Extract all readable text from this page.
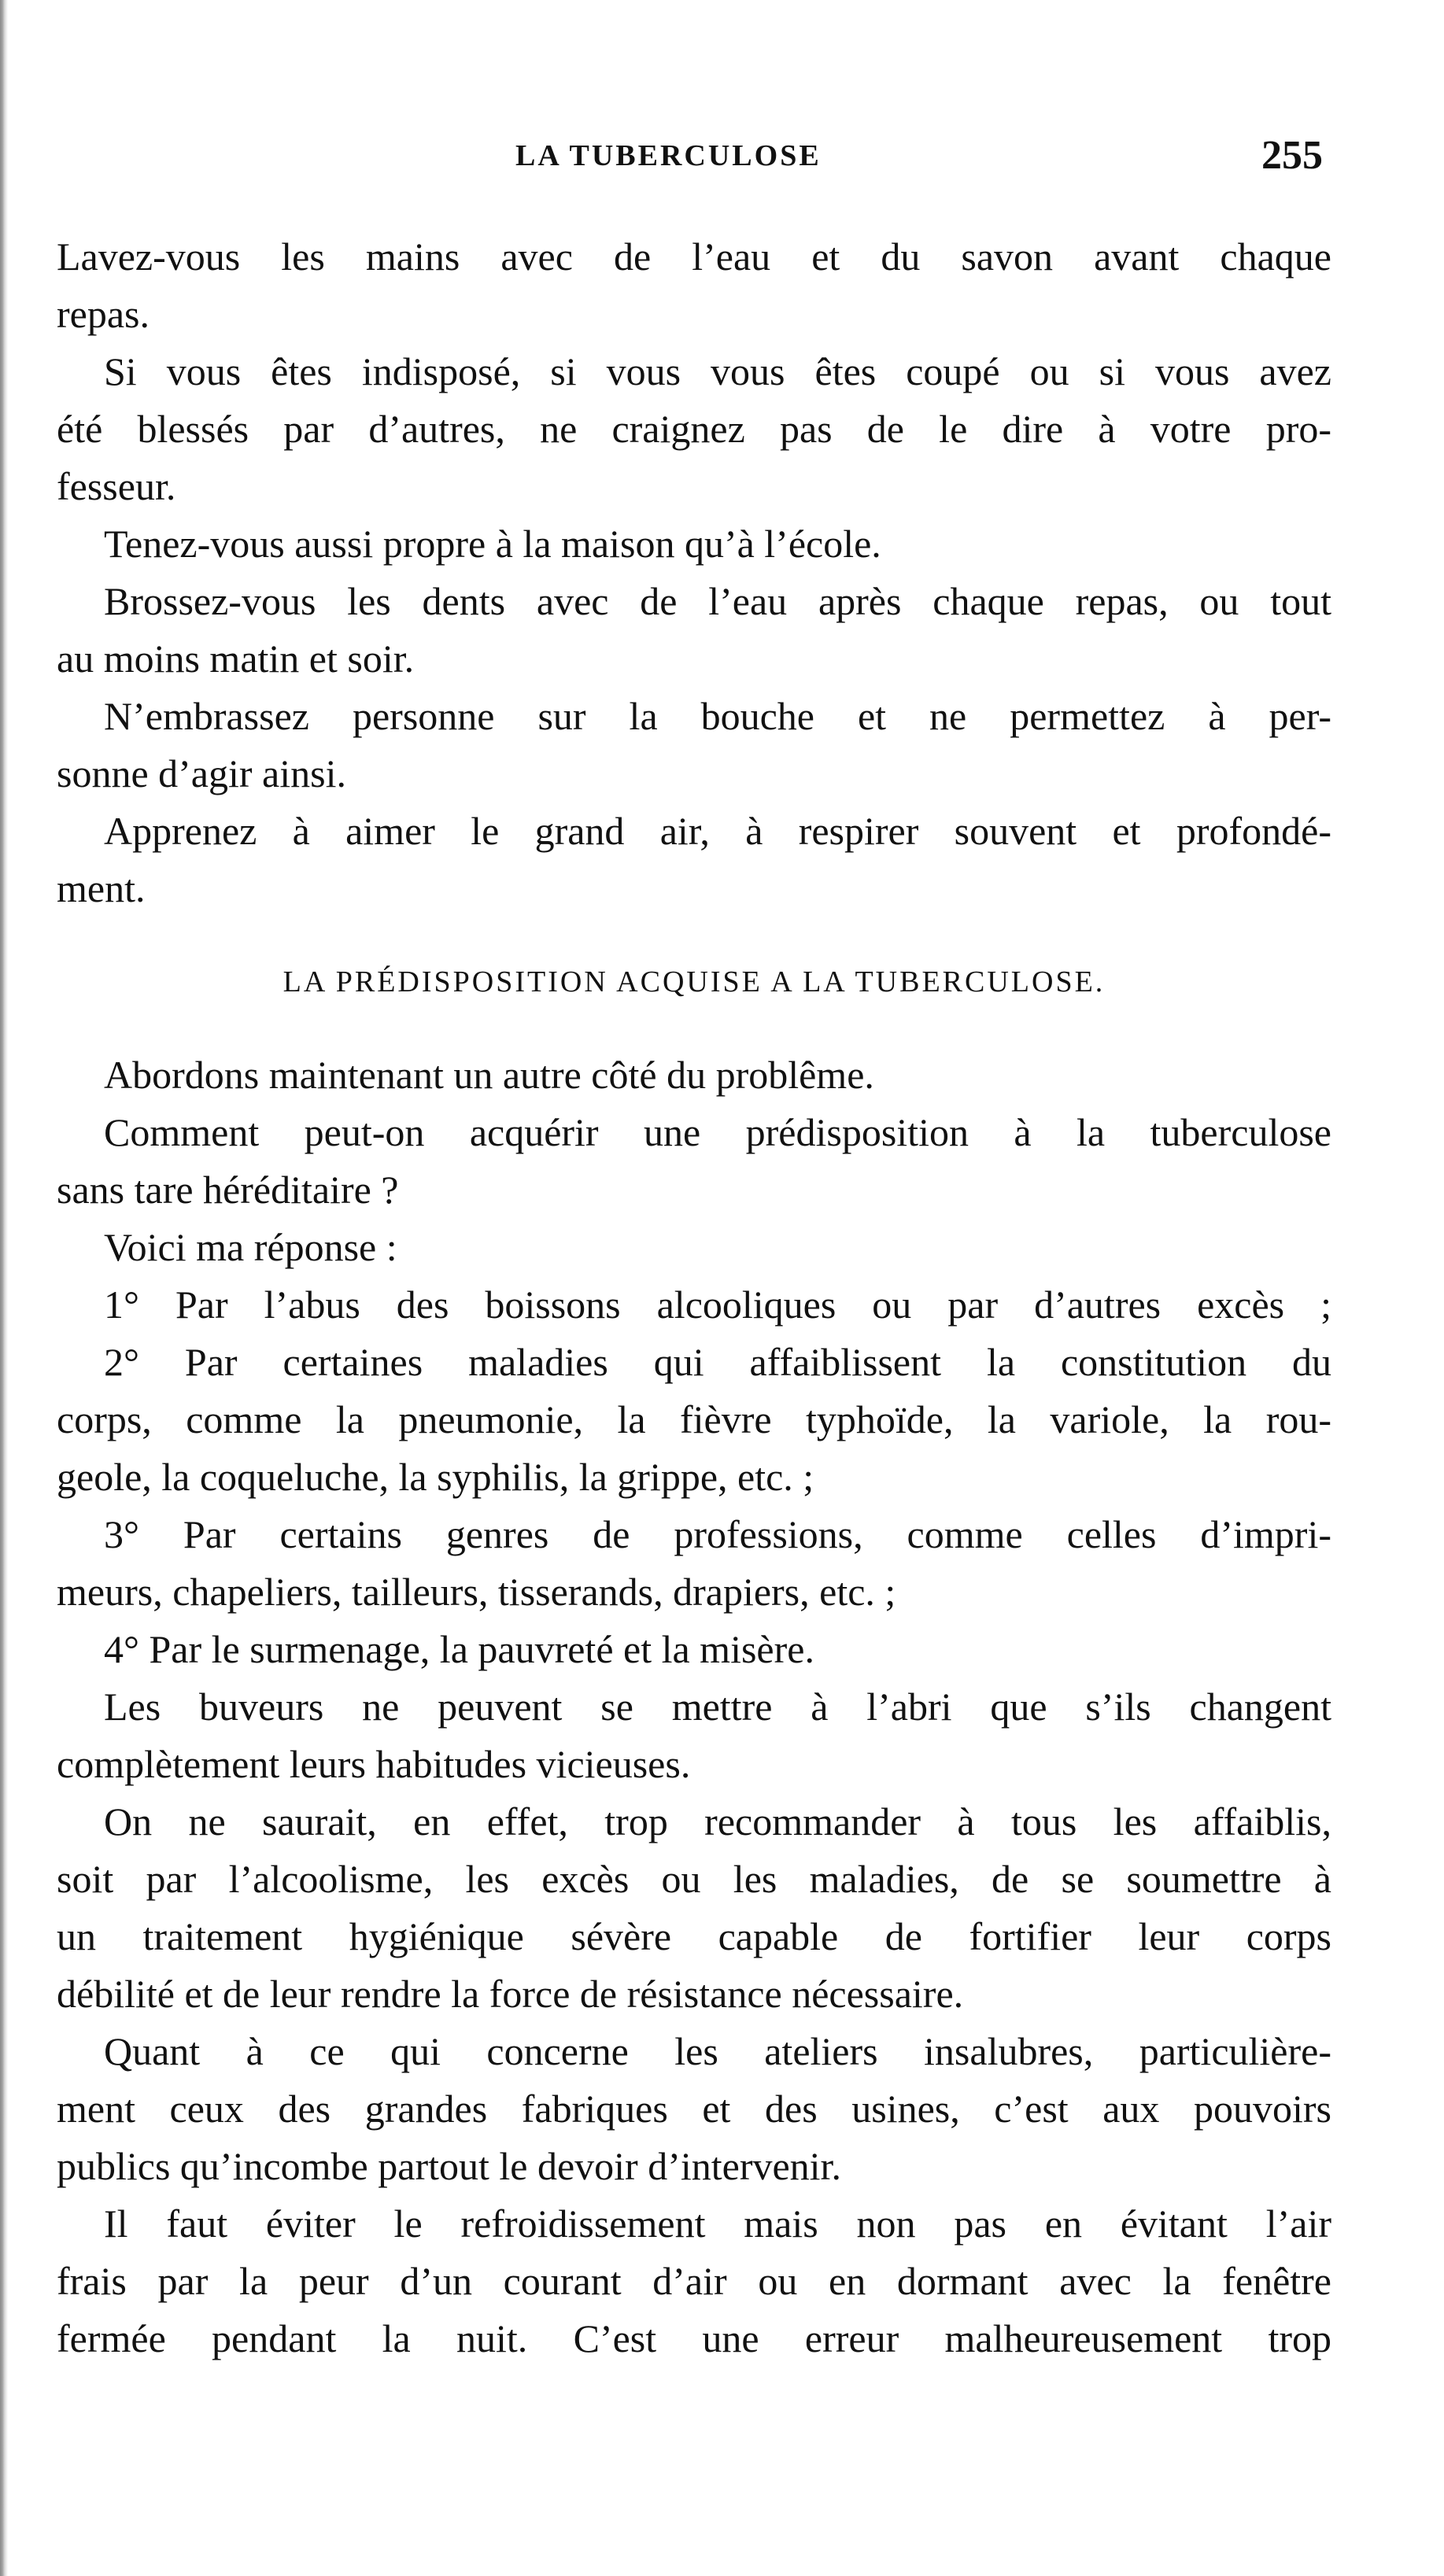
LA TUBERCULOSE	255
Lavez-vous les mains avec de l’eau et du savon avant chaque
repas.
Si vous êtes indisposé, si vous vous êtes coupé ou si vous avez
été blessés par d’autres, ne craignez pas de le dire à votre pro-
fesseur.
Tenez-vous aussi propre à la maison qu’à l’école.
Brossez-vous les dents avec de l’eau après chaque repas, ou tout
au moins matin et soir.
N’embrassez personne sur la bouche et ne permettez à per-
sonne d’agir ainsi.
Apprenez à aimer le grand air, à respirer souvent et profondé-
ment.
LA PRÉDISPOSITION ACQUISE A LA TUBERCULOSE.
Abordons maintenant un autre côté du problême.
Comment peut-on acquérir une prédisposition à la tuberculose
sans tare héréditaire ?
Voici ma réponse :
1° Par l’abus des boissons alcooliques ou par d’autres excès ;
2° Par certaines maladies qui affaiblissent la constitution du
corps, comme la pneumonie, la fièvre typhoïde, la variole, la rou-
geole, la coqueluche, la syphilis, la grippe, etc. ;
3° Par certains genres de professions, comme celles d’impri-
meurs, chapeliers, tailleurs, tisserands, drapiers, etc. ;
4° Par le surmenage, la pauvreté et la misère.
Les buveurs ne peuvent se mettre à l’abri que s’ils changent
complètement leurs habitudes vicieuses.
On ne saurait, en effet, trop recommander à tous les affaiblis,
soit par l’alcoolisme, les excès ou les maladies, de se soumettre à
un traitement hygiénique sévère capable de fortifier leur corps
débilité et de leur rendre la force de résistance nécessaire.
Quant à ce qui concerne les ateliers insalubres, particulière-
ment ceux des grandes fabriques et des usines, c’est aux pouvoirs
publics qu’incombe partout le devoir d’intervenir.
Il faut éviter le refroidissement mais non pas en évitant l’air
frais par la peur d’un courant d’air ou en dormant avec la fenêtre
fermée pendant la nuit. C’est une erreur malheureusement trop
